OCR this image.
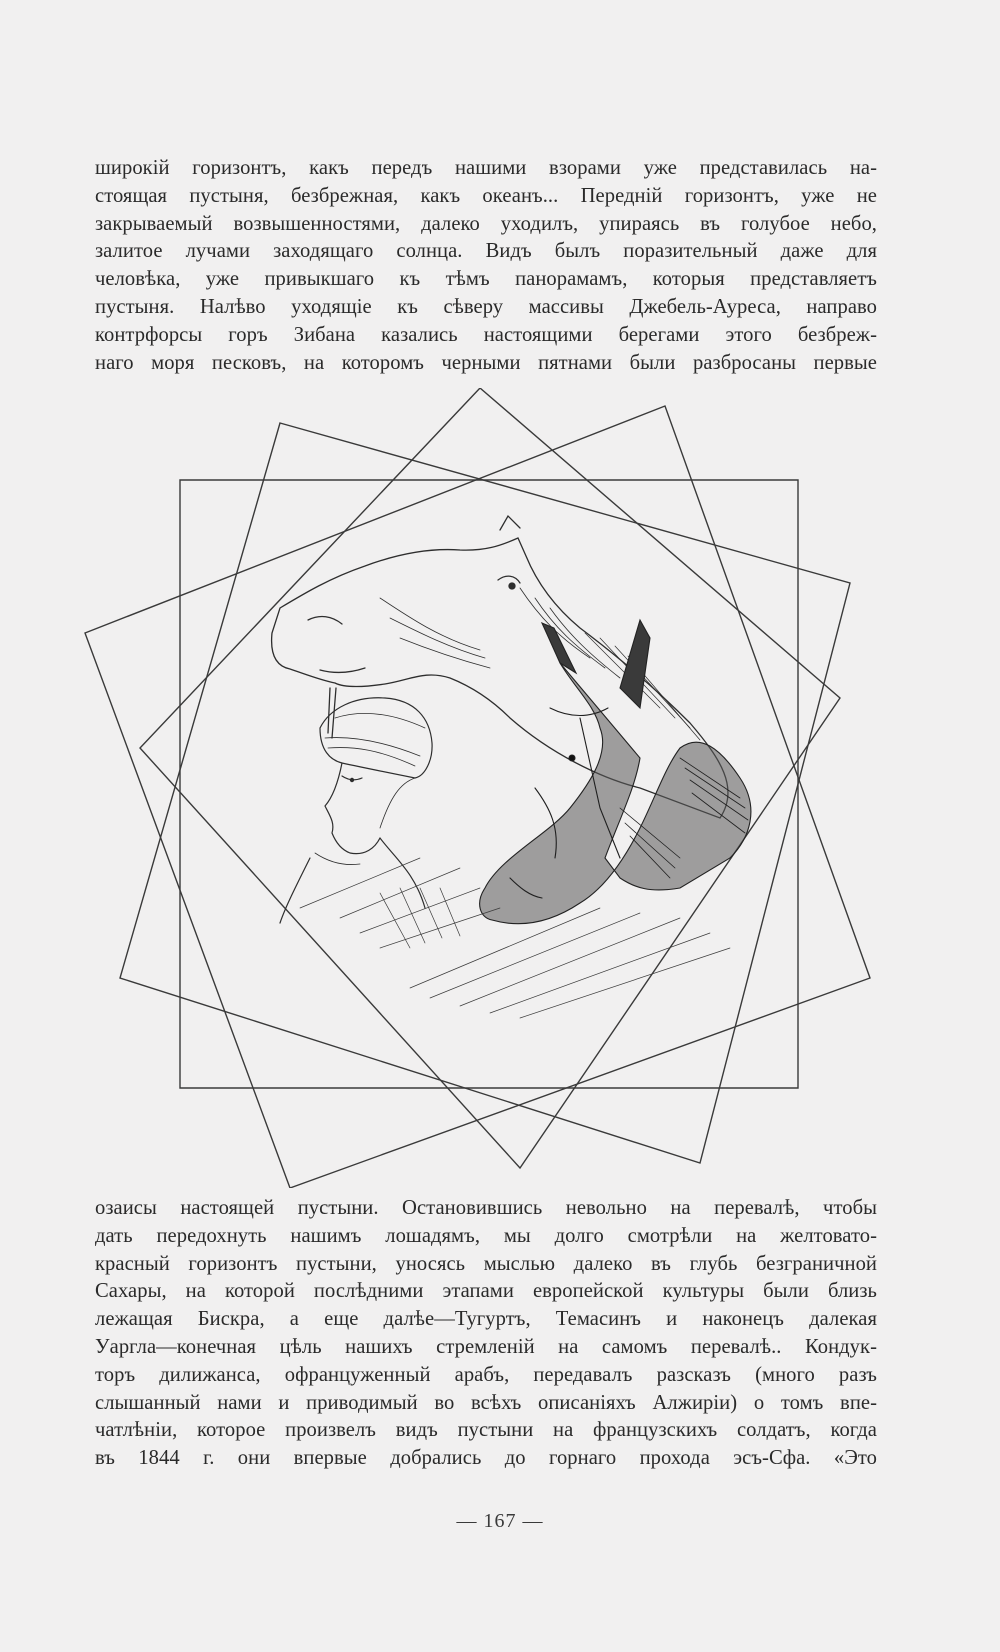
широкій горизонтъ, какъ передъ нашими взорами уже представилась на-
стоящая пустыня, безбрежная, какъ океанъ... Передній горизонтъ, уже не
закрываемый возвышенностями, далеко уходилъ, упираясь въ голубое небо,
залитое лучами заходящаго солнца. Видъ былъ поразительный даже для
человѣка, уже привыкшаго къ тѣмъ панорамамъ, которыя представляетъ
пустыня. Налѣво уходящіе къ сѣверу массивы Джебель-Ауреса, направо
контрфорсы горъ Зибана казались настоящими берегами этого безбреж-
наго моря песковъ, на которомъ черными пятнами были разбросаны первые
озаисы настоящей пустыни. Остановившись невольно на перевалѣ, чтобы
дать передохнуть нашимъ лошадямъ, мы долго смотрѣли на желтовато-
красный горизонтъ пустыни, уносясь мыслью далеко въ глубь безграничной
Сахары, на которой послѣдними этапами европейской культуры были близь
лежащая Бискра, а еще далѣе—Тугуртъ, Темасинъ и наконецъ далекая
Уаргла—конечная цѣль нашихъ стремленій на самомъ перевалѣ.. Кондук-
торъ дилижанса, офранцуженный арабъ, передавалъ разсказъ (много разъ
слышанный нами и приводимый во всѣхъ описаніяхъ Алжиріи) о томъ впе-
чатлѣніи, которое произвелъ видъ пустыни на французскихъ солдатъ, когда
въ 1844 г. они впервые добрались до горнаго прохода эсъ-Сфа. «Это
— 167 —
